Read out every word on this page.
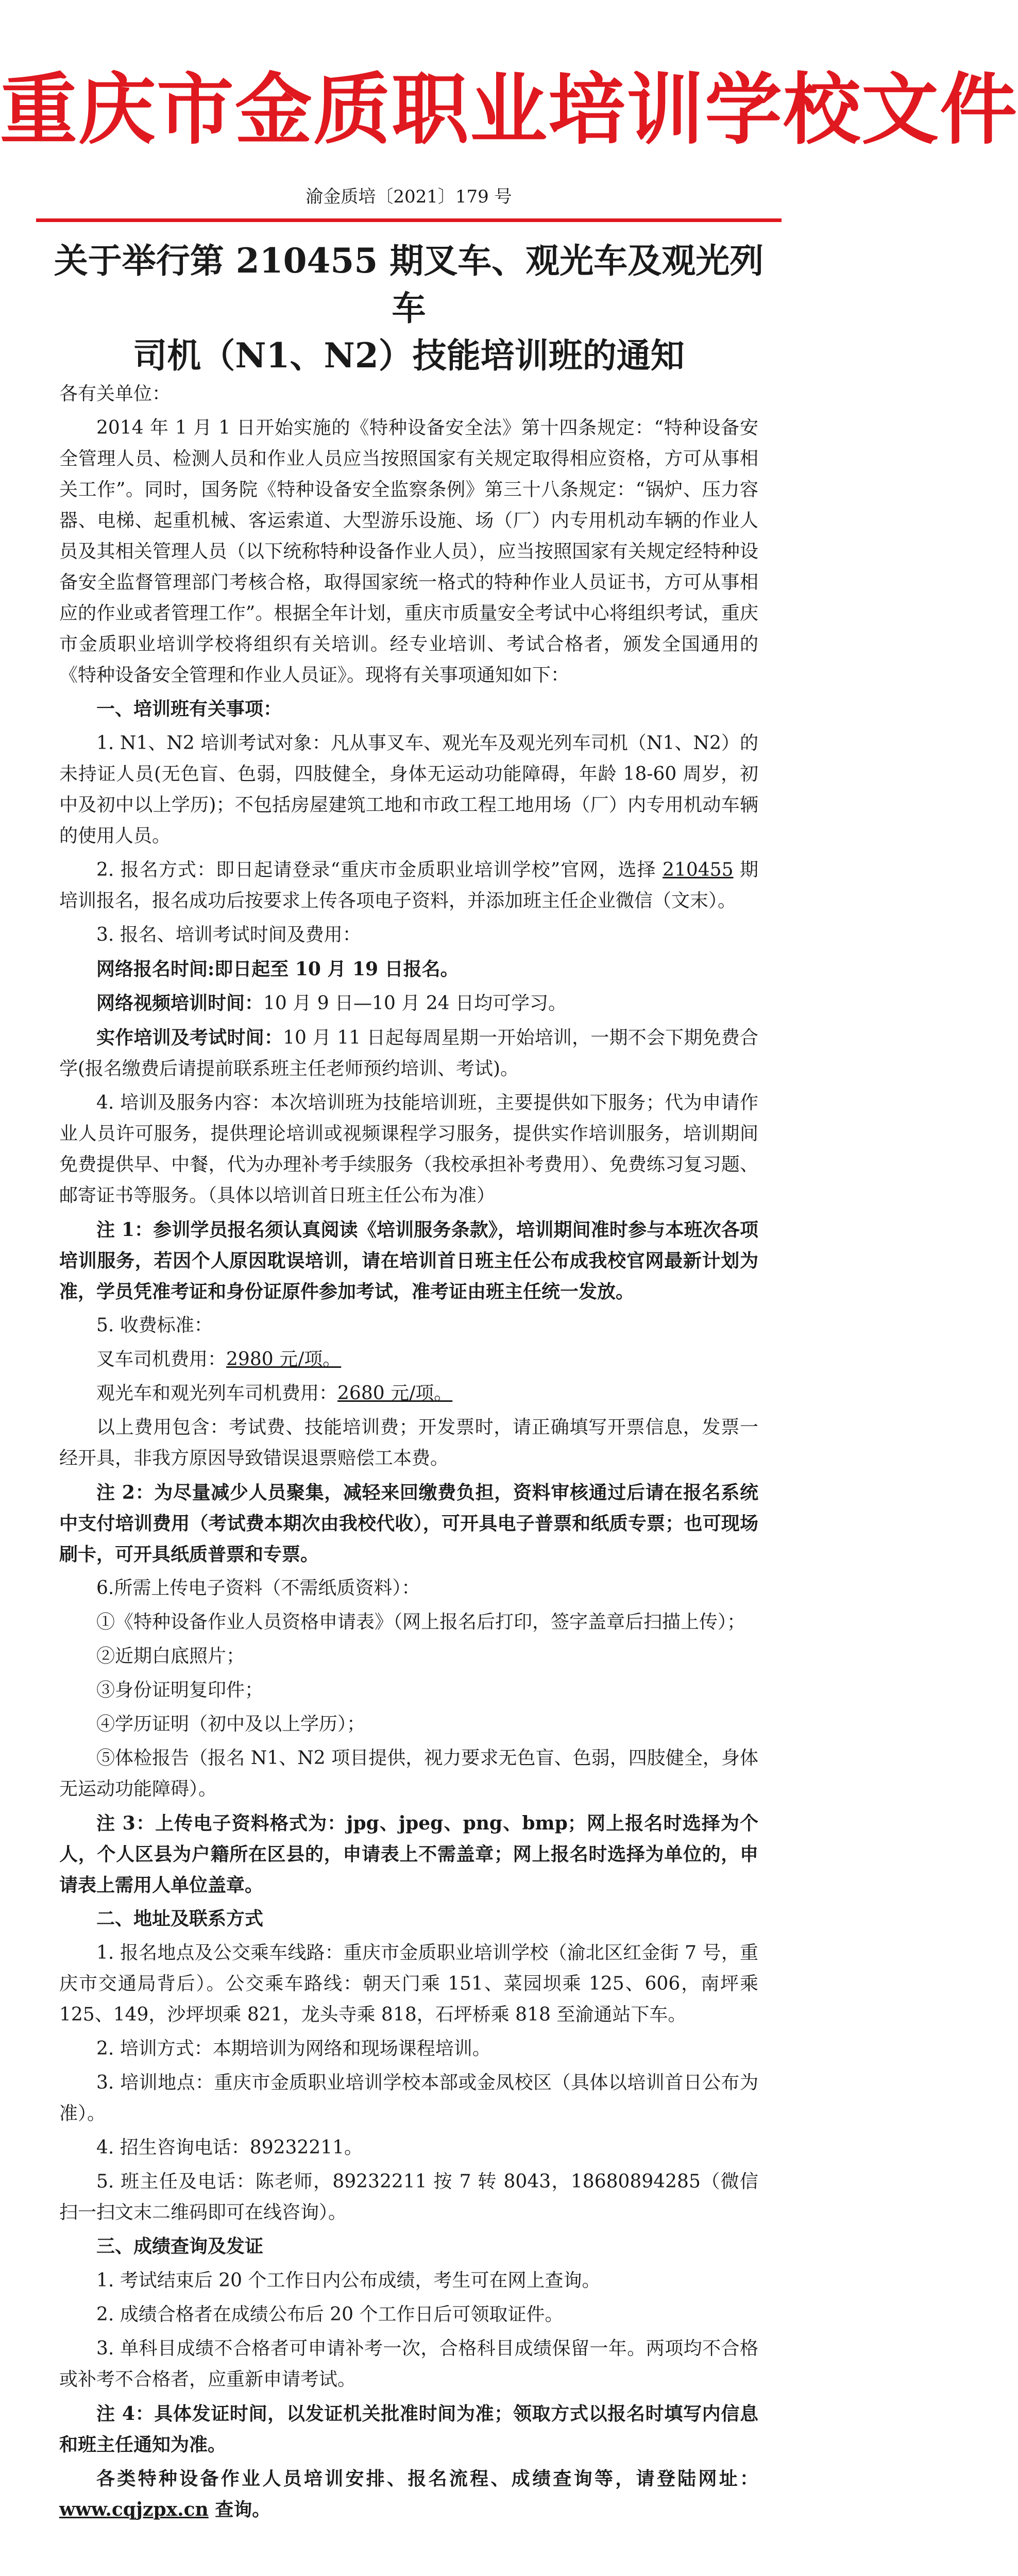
重庆市金质职业培训学校文件
渝金质培〔2021〕179 号
关于举行第 210455 期叉车、观光车及观光列车
司机（N1、N2）技能培训班的通知

各有关单位：

2014 年 1 月 1 日开始实施的《特种设备安全法》第十四条规定：“特种设备安全管理人员、检测人员和作业人员应当按照国家有关规定取得相应资格，方可从事相关工作”。同时，国务院《特种设备安全监察条例》第三十八条规定：“锅炉、压力容器、电梯、起重机械、客运索道、大型游乐设施、场（厂）内专用机动车辆的作业人员及其相关管理人员（以下统称特种设备作业人员），应当按照国家有关规定经特种设备安全监督管理部门考核合格，取得国家统一格式的特种作业人员证书，方可从事相应的作业或者管理工作”。根据全年计划，重庆市质量安全考试中心将组织考试，重庆市金质职业培训学校将组织有关培训。经专业培训、考试合格者，颁发全国通用的《特种设备安全管理和作业人员证》。现将有关事项通知如下：

一、培训班有关事项：

1. N1、N2 培训考试对象：凡从事叉车、观光车及观光列车司机（N1、N2）的未持证人员(无色盲、色弱，四肢健全，身体无运动功能障碍，年龄 18-60 周岁，初中及初中以上学历)；不包括房屋建筑工地和市政工程工地用场（厂）内专用机动车辆的使用人员。

2. 报名方式：即日起请登录“重庆市金质职业培训学校”官网，选择 210455 期培训报名，报名成功后按要求上传各项电子资料，并添加班主任企业微信（文末）。

3. 报名、培训考试时间及费用：

网络报名时间:即日起至 10 月 19 日报名。

网络视频培训时间：10 月 9 日—10 月 24 日均可学习。

实作培训及考试时间：10 月 11 日起每周星期一开始培训，一期不会下期免费合学(报名缴费后请提前联系班主任老师预约培训、考试)。

4. 培训及服务内容：本次培训班为技能培训班，主要提供如下服务；代为申请作业人员许可服务，提供理论培训或视频课程学习服务，提供实作培训服务，培训期间免费提供早、中餐，代为办理补考手续服务（我校承担补考费用）、免费练习复习题、邮寄证书等服务。（具体以培训首日班主任公布为准）

注 1：参训学员报名须认真阅读《培训服务条款》，培训期间准时参与本班次各项培训服务，若因个人原因耽误培训，请在培训首日班主任公布成我校官网最新计划为准，学员凭准考证和身份证原件参加考试，准考证由班主任统一发放。

5. 收费标准：

叉车司机费用：2980 元/项。

观光车和观光列车司机费用：2680 元/项。

以上费用包含：考试费、技能培训费；开发票时，请正确填写开票信息，发票一经开具，非我方原因导致错误退票赔偿工本费。

注 2：为尽量减少人员聚集，减轻来回缴费负担，资料审核通过后请在报名系统中支付培训费用（考试费本期次由我校代收），可开具电子普票和纸质专票；也可现场刷卡，可开具纸质普票和专票。

6.所需上传电子资料（不需纸质资料）：

①《特种设备作业人员资格申请表》（网上报名后打印，签字盖章后扫描上传）；

②近期白底照片；

③身份证明复印件；

④学历证明（初中及以上学历）；

⑤体检报告（报名 N1、N2 项目提供，视力要求无色盲、色弱，四肢健全，身体无运动功能障碍）。

注 3：上传电子资料格式为：jpg、jpeg、png、bmp；网上报名时选择为个人，个人区县为户籍所在区县的，申请表上不需盖章；网上报名时选择为单位的，申请表上需用人单位盖章。

二、地址及联系方式

1. 报名地点及公交乘车线路：重庆市金质职业培训学校（渝北区红金街 7 号，重庆市交通局背后）。公交乘车路线：朝天门乘 151、菜园坝乘 125、606，南坪乘 125、149，沙坪坝乘 821，龙头寺乘 818，石坪桥乘 818 至渝通站下车。

2. 培训方式：本期培训为网络和现场课程培训。

3. 培训地点：重庆市金质职业培训学校本部或金凤校区（具体以培训首日公布为准）。

4. 招生咨询电话：89232211。

5. 班主任及电话：陈老师，89232211 按 7 转 8043，18680894285（微信扫一扫文末二维码即可在线咨询）。

三、成绩查询及发证

1. 考试结束后 20 个工作日内公布成绩，考生可在网上查询。

2. 成绩合格者在成绩公布后 20 个工作日后可领取证件。

3. 单科目成绩不合格者可申请补考一次，合格科目成绩保留一年。两项均不合格或补考不合格者，应重新申请考试。

注 4：具体发证时间，以发证机关批准时间为准；领取方式以报名时填写内信息和班主任通知为准。

各类特种设备作业人员培训安排、报名流程、成绩查询等，请登陆网址：www.cqjzpx.cn 查询。
